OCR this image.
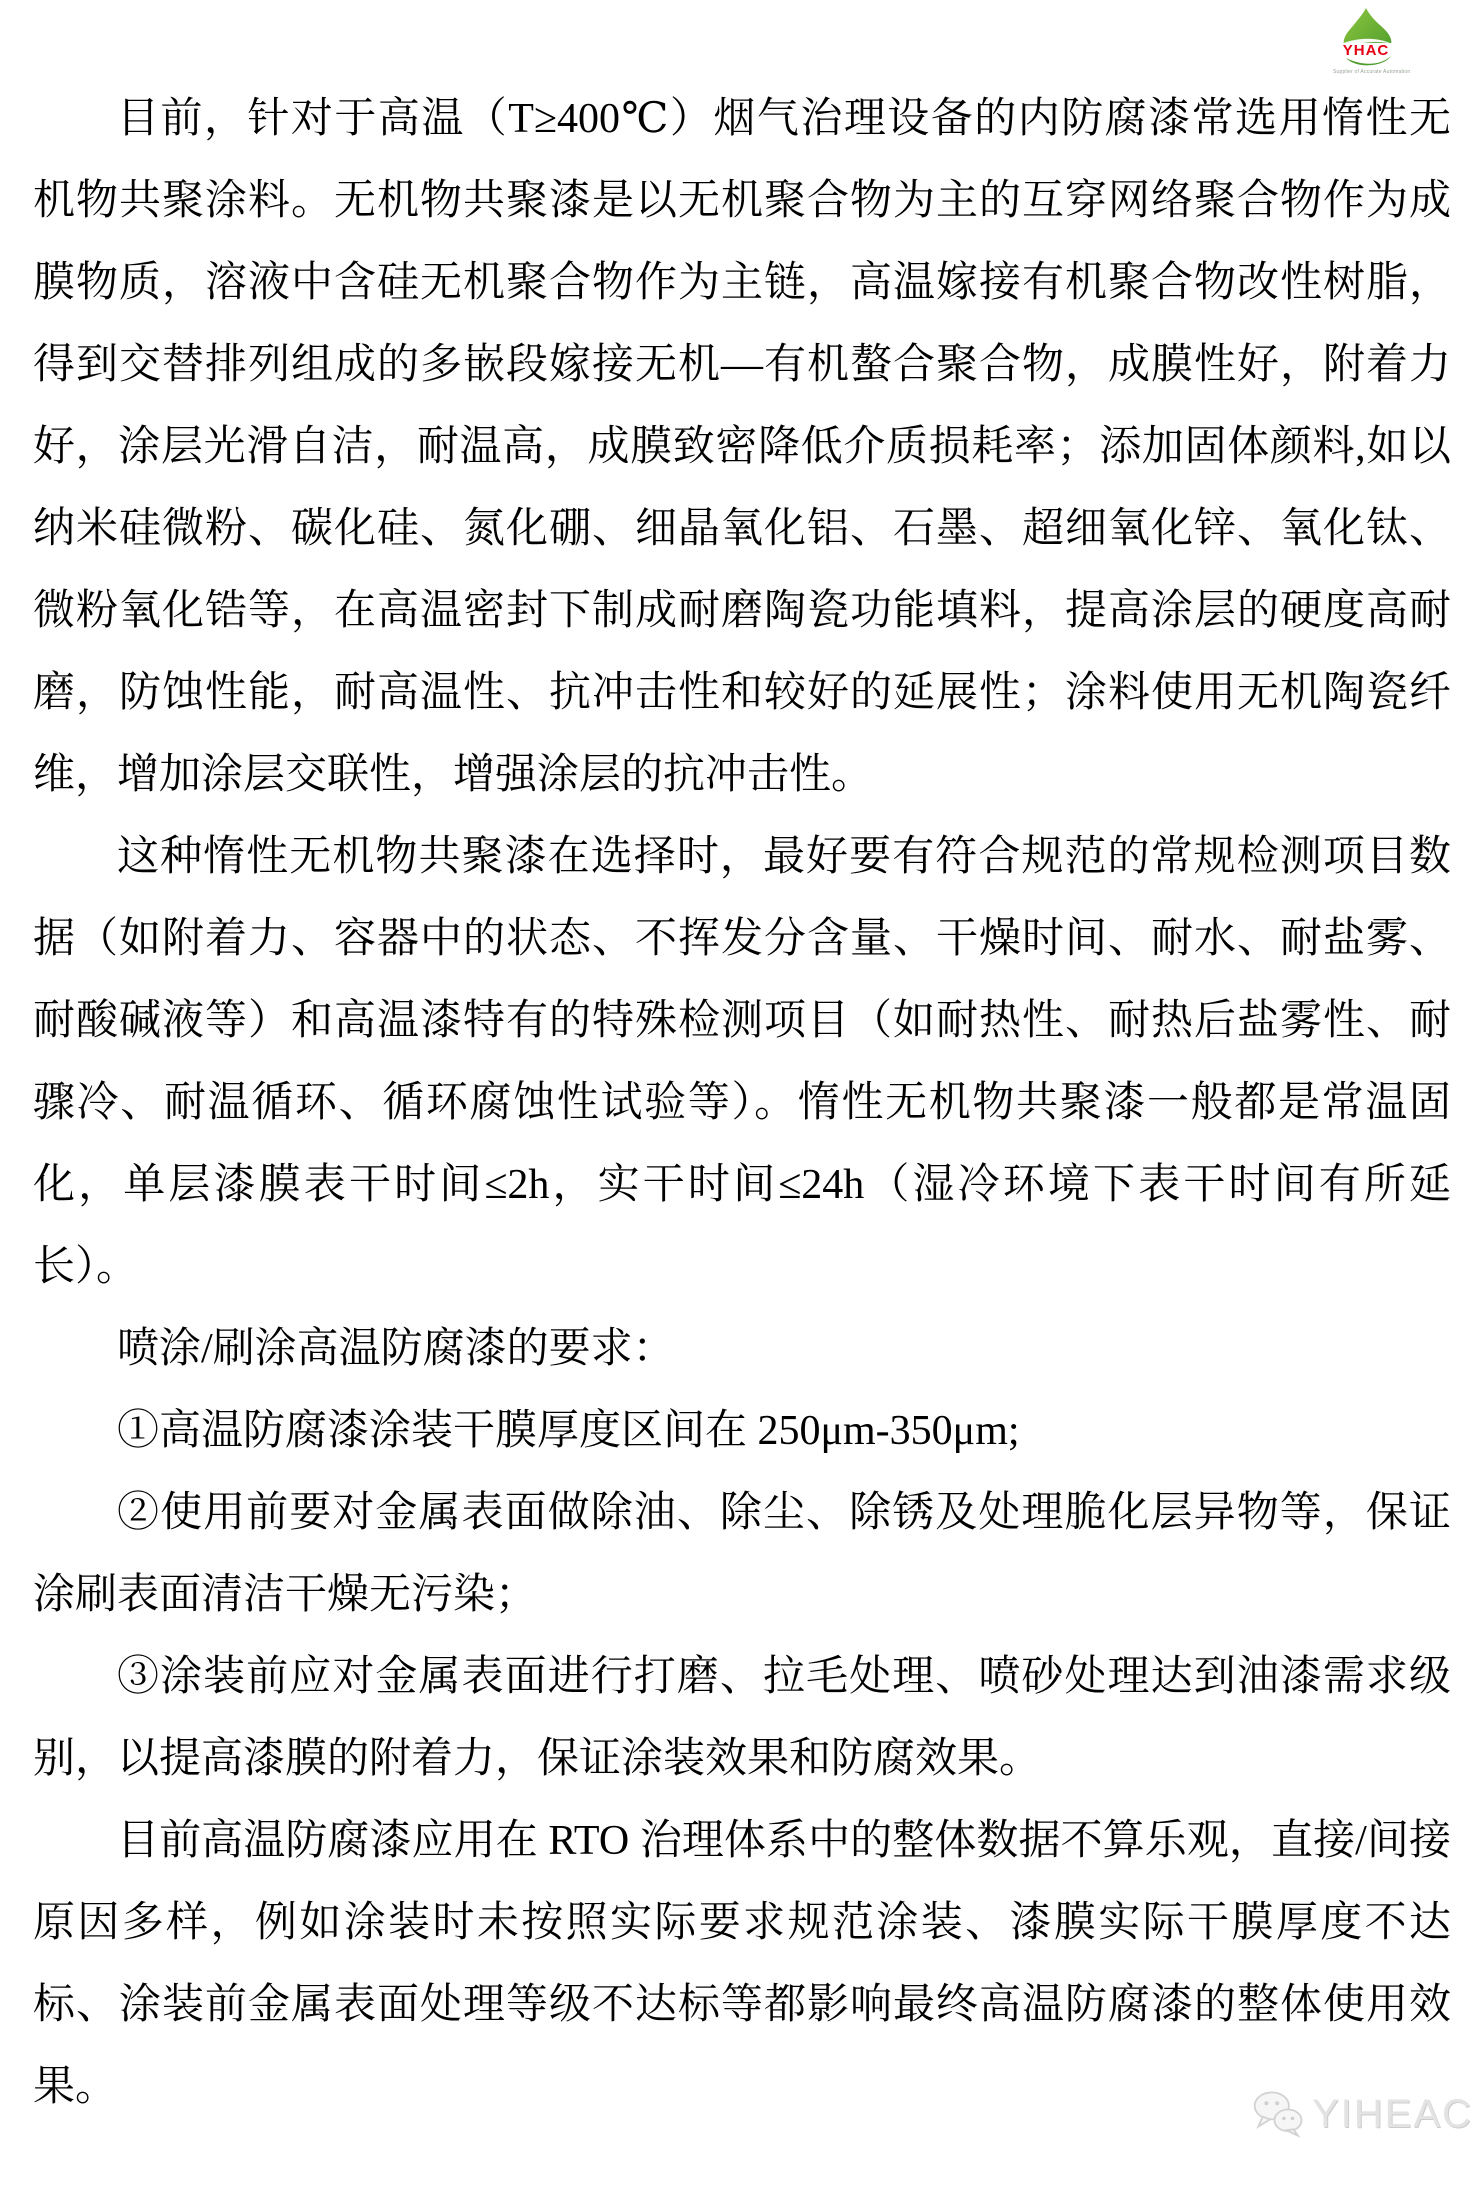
YHAC
Supplier of Accurate Automation

目前，针对于高温（T≥400℃）烟气治理设备的内防腐漆常选用惰性无机物共聚涂料。无机物共聚漆是以无机聚合物为主的互穿网络聚合物作为成膜物质，溶液中含硅无机聚合物作为主链，高温嫁接有机聚合物改性树脂，得到交替排列组成的多嵌段嫁接无机—有机螯合聚合物，成膜性好，附着力好，涂层光滑自洁，耐温高，成膜致密降低介质损耗率；添加固体颜料,如以纳米硅微粉、碳化硅、氮化硼、细晶氧化铝、石墨、超细氧化锌、氧化钛、微粉氧化锆等，在高温密封下制成耐磨陶瓷功能填料，提高涂层的硬度高耐磨，防蚀性能，耐高温性、抗冲击性和较好的延展性；涂料使用无机陶瓷纤维，增加涂层交联性，增强涂层的抗冲击性。

这种惰性无机物共聚漆在选择时，最好要有符合规范的常规检测项目数据（如附着力、容器中的状态、不挥发分含量、干燥时间、耐水、耐盐雾、耐酸碱液等）和高温漆特有的特殊检测项目（如耐热性、耐热后盐雾性、耐骤冷、耐温循环、循环腐蚀性试验等）。惰性无机物共聚漆一般都是常温固化，单层漆膜表干时间≤2h，实干时间≤24h（湿冷环境下表干时间有所延长）。

喷涂/刷涂高温防腐漆的要求：

①高温防腐漆涂装干膜厚度区间在 250μm-350μm;

②使用前要对金属表面做除油、除尘、除锈及处理脆化层异物等，保证涂刷表面清洁干燥无污染；

③涂装前应对金属表面进行打磨、拉毛处理、喷砂处理达到油漆需求级别，以提高漆膜的附着力，保证涂装效果和防腐效果。

目前高温防腐漆应用在 RTO 治理体系中的整体数据不算乐观，直接/间接原因多样，例如涂装时未按照实际要求规范涂装、漆膜实际干膜厚度不达标、涂装前金属表面处理等级不达标等都影响最终高温防腐漆的整体使用效果。

YIHEAC
